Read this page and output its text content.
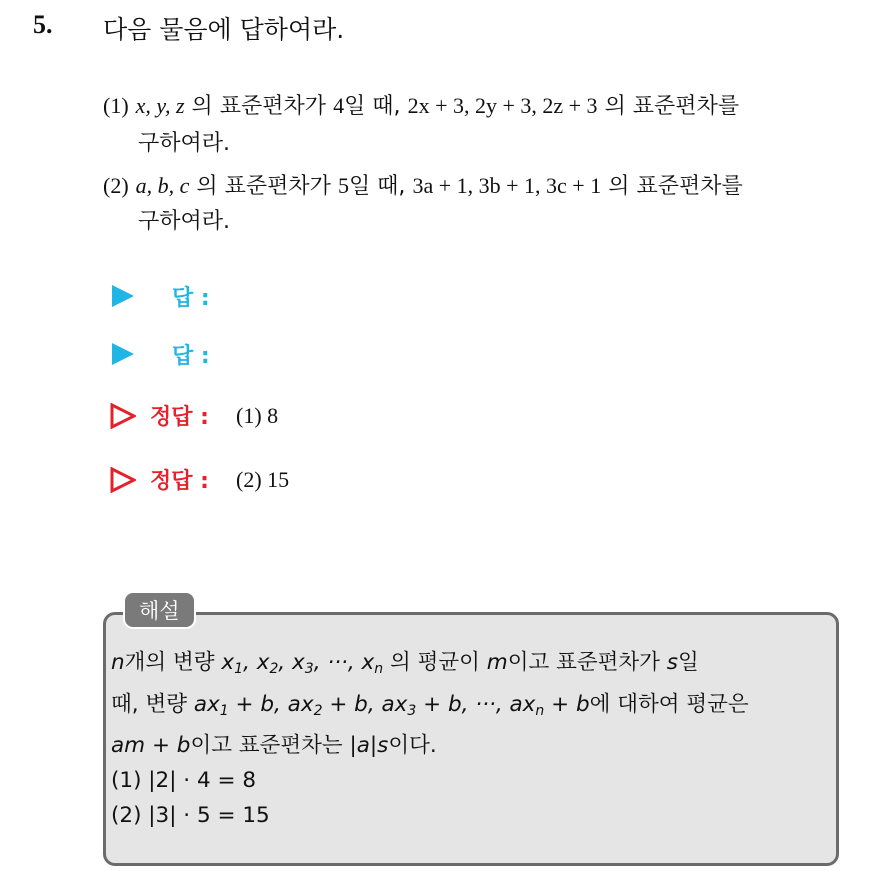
5. 다음 물음에 답하여라.
(1) x, y, z 의 표준편차가 4일 때, 2x + 3, 2y + 3, 2z + 3 의 표준편차를
구하여라.
(2) a, b, c 의 표준편차가 5일 때, 3a + 1, 3b + 1, 3c + 1 의 표준편차를
구하여라.
답 :
답 :
정답 : (1) 8
정답 : (2) 15
해설
n개의 변량 $x_1$, $x_2$, $x_3$, ···, $x_n$ 의 평균이 m이고 표준편차가 s일
때, 변량 $ax_1 + b$, $ax_2 + b$, $ax_3 + b$, ···, $ax_n + b$에 대하여 평균은
am + b이고 표준편차는 |a|s이다.
(1) |2| · 4 = 8
(2) |3| · 5 = 15
